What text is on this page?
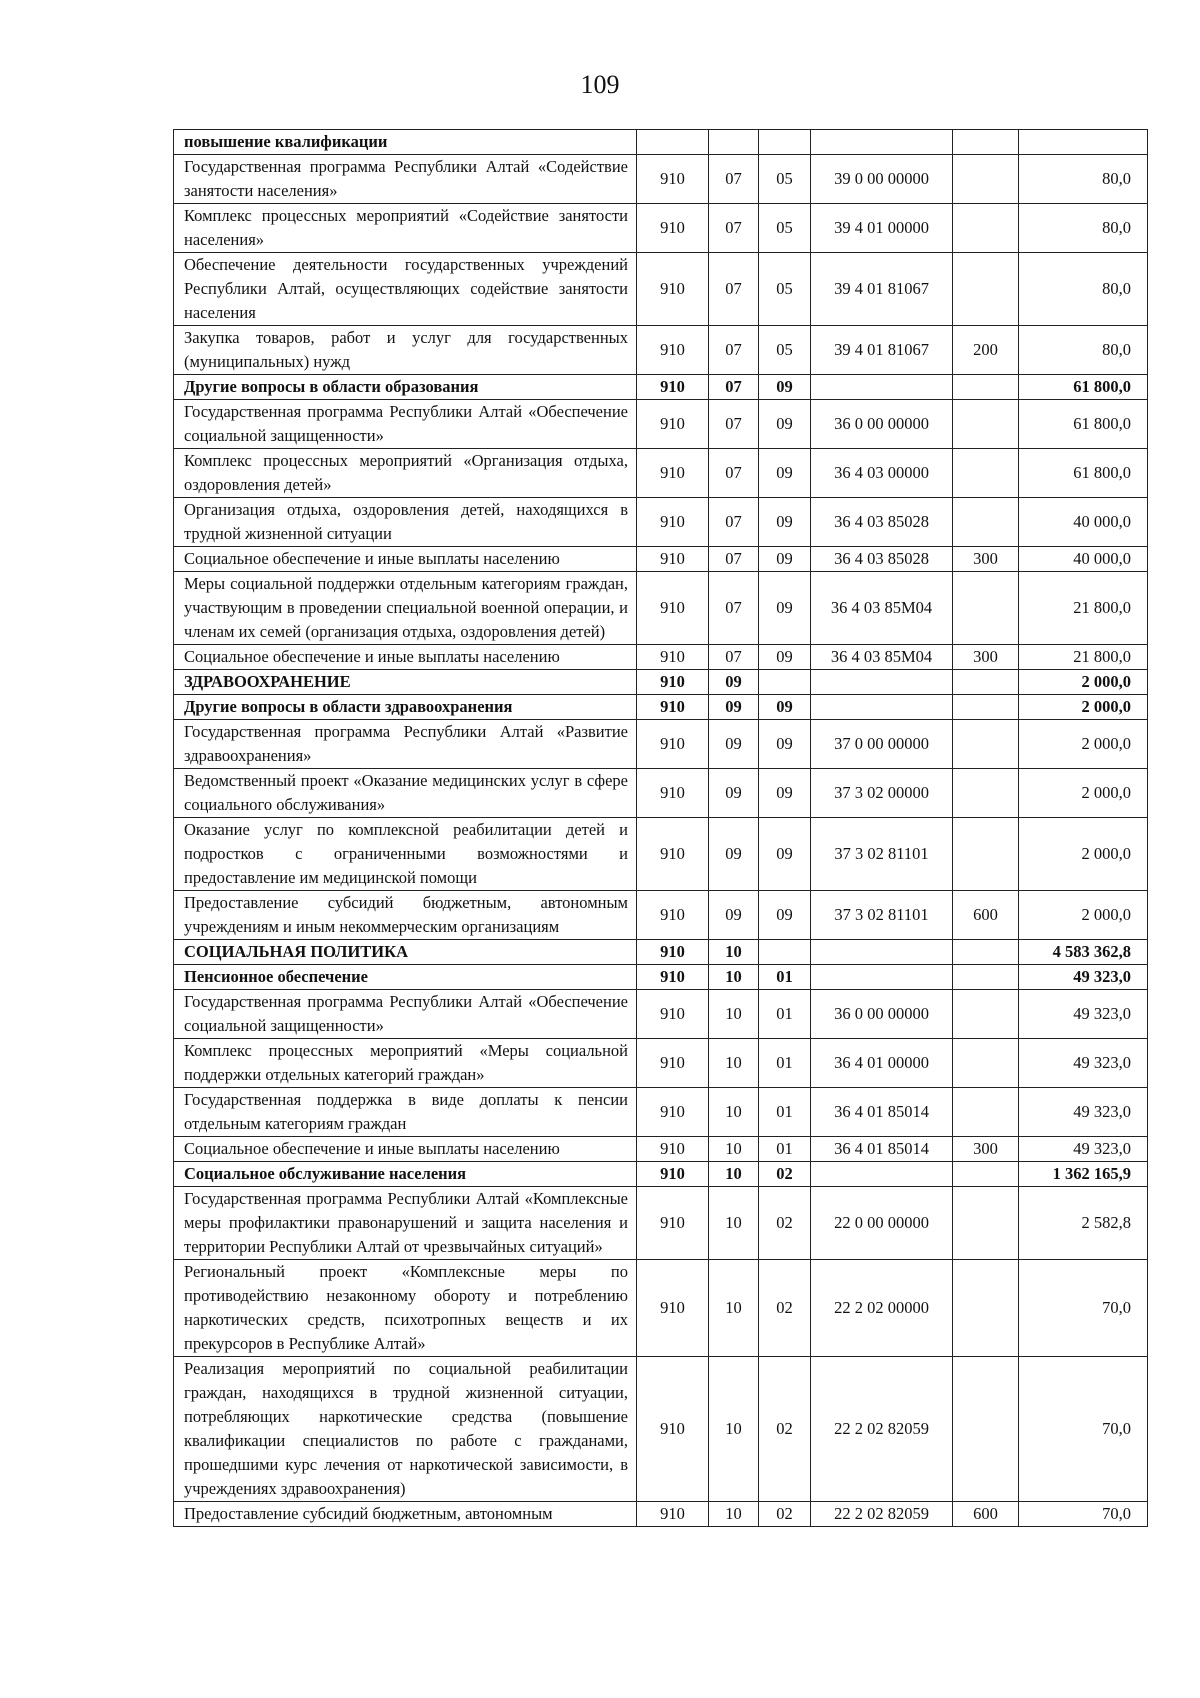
109
повышение квалификации						
Государственная программа Республики Алтай «Содействие занятости населения»	910	07	05	39 0 00 00000		80,0
Комплекс процессных мероприятий «Содействие занятости населения»	910	07	05	39 4 01 00000		80,0
Обеспечение деятельности государственных учреждений Республики Алтай, осуществляющих содействие занятости населения	910	07	05	39 4 01 81067		80,0
Закупка товаров, работ и услуг для государственных (муниципальных) нужд	910	07	05	39 4 01 81067	200	80,0
Другие вопросы в области образования	910	07	09			61 800,0
Государственная программа Республики Алтай «Обеспечение социальной защищенности»	910	07	09	36 0 00 00000		61 800,0
Комплекс процессных мероприятий «Организация отдыха, оздоровления детей»	910	07	09	36 4 03 00000		61 800,0
Организация отдыха, оздоровления детей, находящихся в трудной жизненной ситуации	910	07	09	36 4 03 85028		40 000,0
Социальное обеспечение и иные выплаты населению	910	07	09	36 4 03 85028	300	40 000,0
Меры социальной поддержки отдельным категориям граждан, участвующим в проведении специальной военной операции, и членам их семей (организация отдыха, оздоровления детей)	910	07	09	36 4 03 85М04		21 800,0
Социальное обеспечение и иные выплаты населению	910	07	09	36 4 03 85М04	300	21 800,0
ЗДРАВООХРАНЕНИЕ	910	09				2 000,0
Другие вопросы в области здравоохранения	910	09	09			2 000,0
Государственная программа Республики Алтай «Развитие здравоохранения»	910	09	09	37 0 00 00000		2 000,0
Ведомственный проект «Оказание медицинских услуг в сфере социального обслуживания»	910	09	09	37 3 02 00000		2 000,0
Оказание услуг по комплексной реабилитации детей и подростков с ограниченными возможностями и предоставление им медицинской помощи	910	09	09	37 3 02 81101		2 000,0
Предоставление субсидий бюджетным, автономным учреждениям и иным некоммерческим организациям	910	09	09	37 3 02 81101	600	2 000,0
СОЦИАЛЬНАЯ ПОЛИТИКА	910	10				4 583 362,8
Пенсионное обеспечение	910	10	01			49 323,0
Государственная программа Республики Алтай «Обеспечение социальной защищенности»	910	10	01	36 0 00 00000		49 323,0
Комплекс процессных мероприятий «Меры социальной поддержки отдельных категорий граждан»	910	10	01	36 4 01 00000		49 323,0
Государственная поддержка в виде доплаты к пенсии отдельным категориям граждан	910	10	01	36 4 01 85014		49 323,0
Социальное обеспечение и иные выплаты населению	910	10	01	36 4 01 85014	300	49 323,0
Социальное обслуживание населения	910	10	02			1 362 165,9
Государственная программа Республики Алтай «Комплексные меры профилактики правонарушений и защита населения и территории Республики Алтай от чрезвычайных ситуаций»	910	10	02	22 0 00 00000		2 582,8
Региональный проект «Комплексные меры по противодействию незаконному обороту и потреблению наркотических средств, психотропных веществ и их прекурсоров в Республике Алтай»	910	10	02	22 2 02 00000		70,0
Реализация мероприятий по социальной реабилитации граждан, находящихся в трудной жизненной ситуации, потребляющих наркотические средства (повышение квалификации специалистов по работе с гражданами, прошедшими курс лечения от наркотической зависимости, в учреждениях здравоохранения)	910	10	02	22 2 02 82059		70,0
Предоставление субсидий бюджетным, автономным	910	10	02	22 2 02 82059	600	70,0
